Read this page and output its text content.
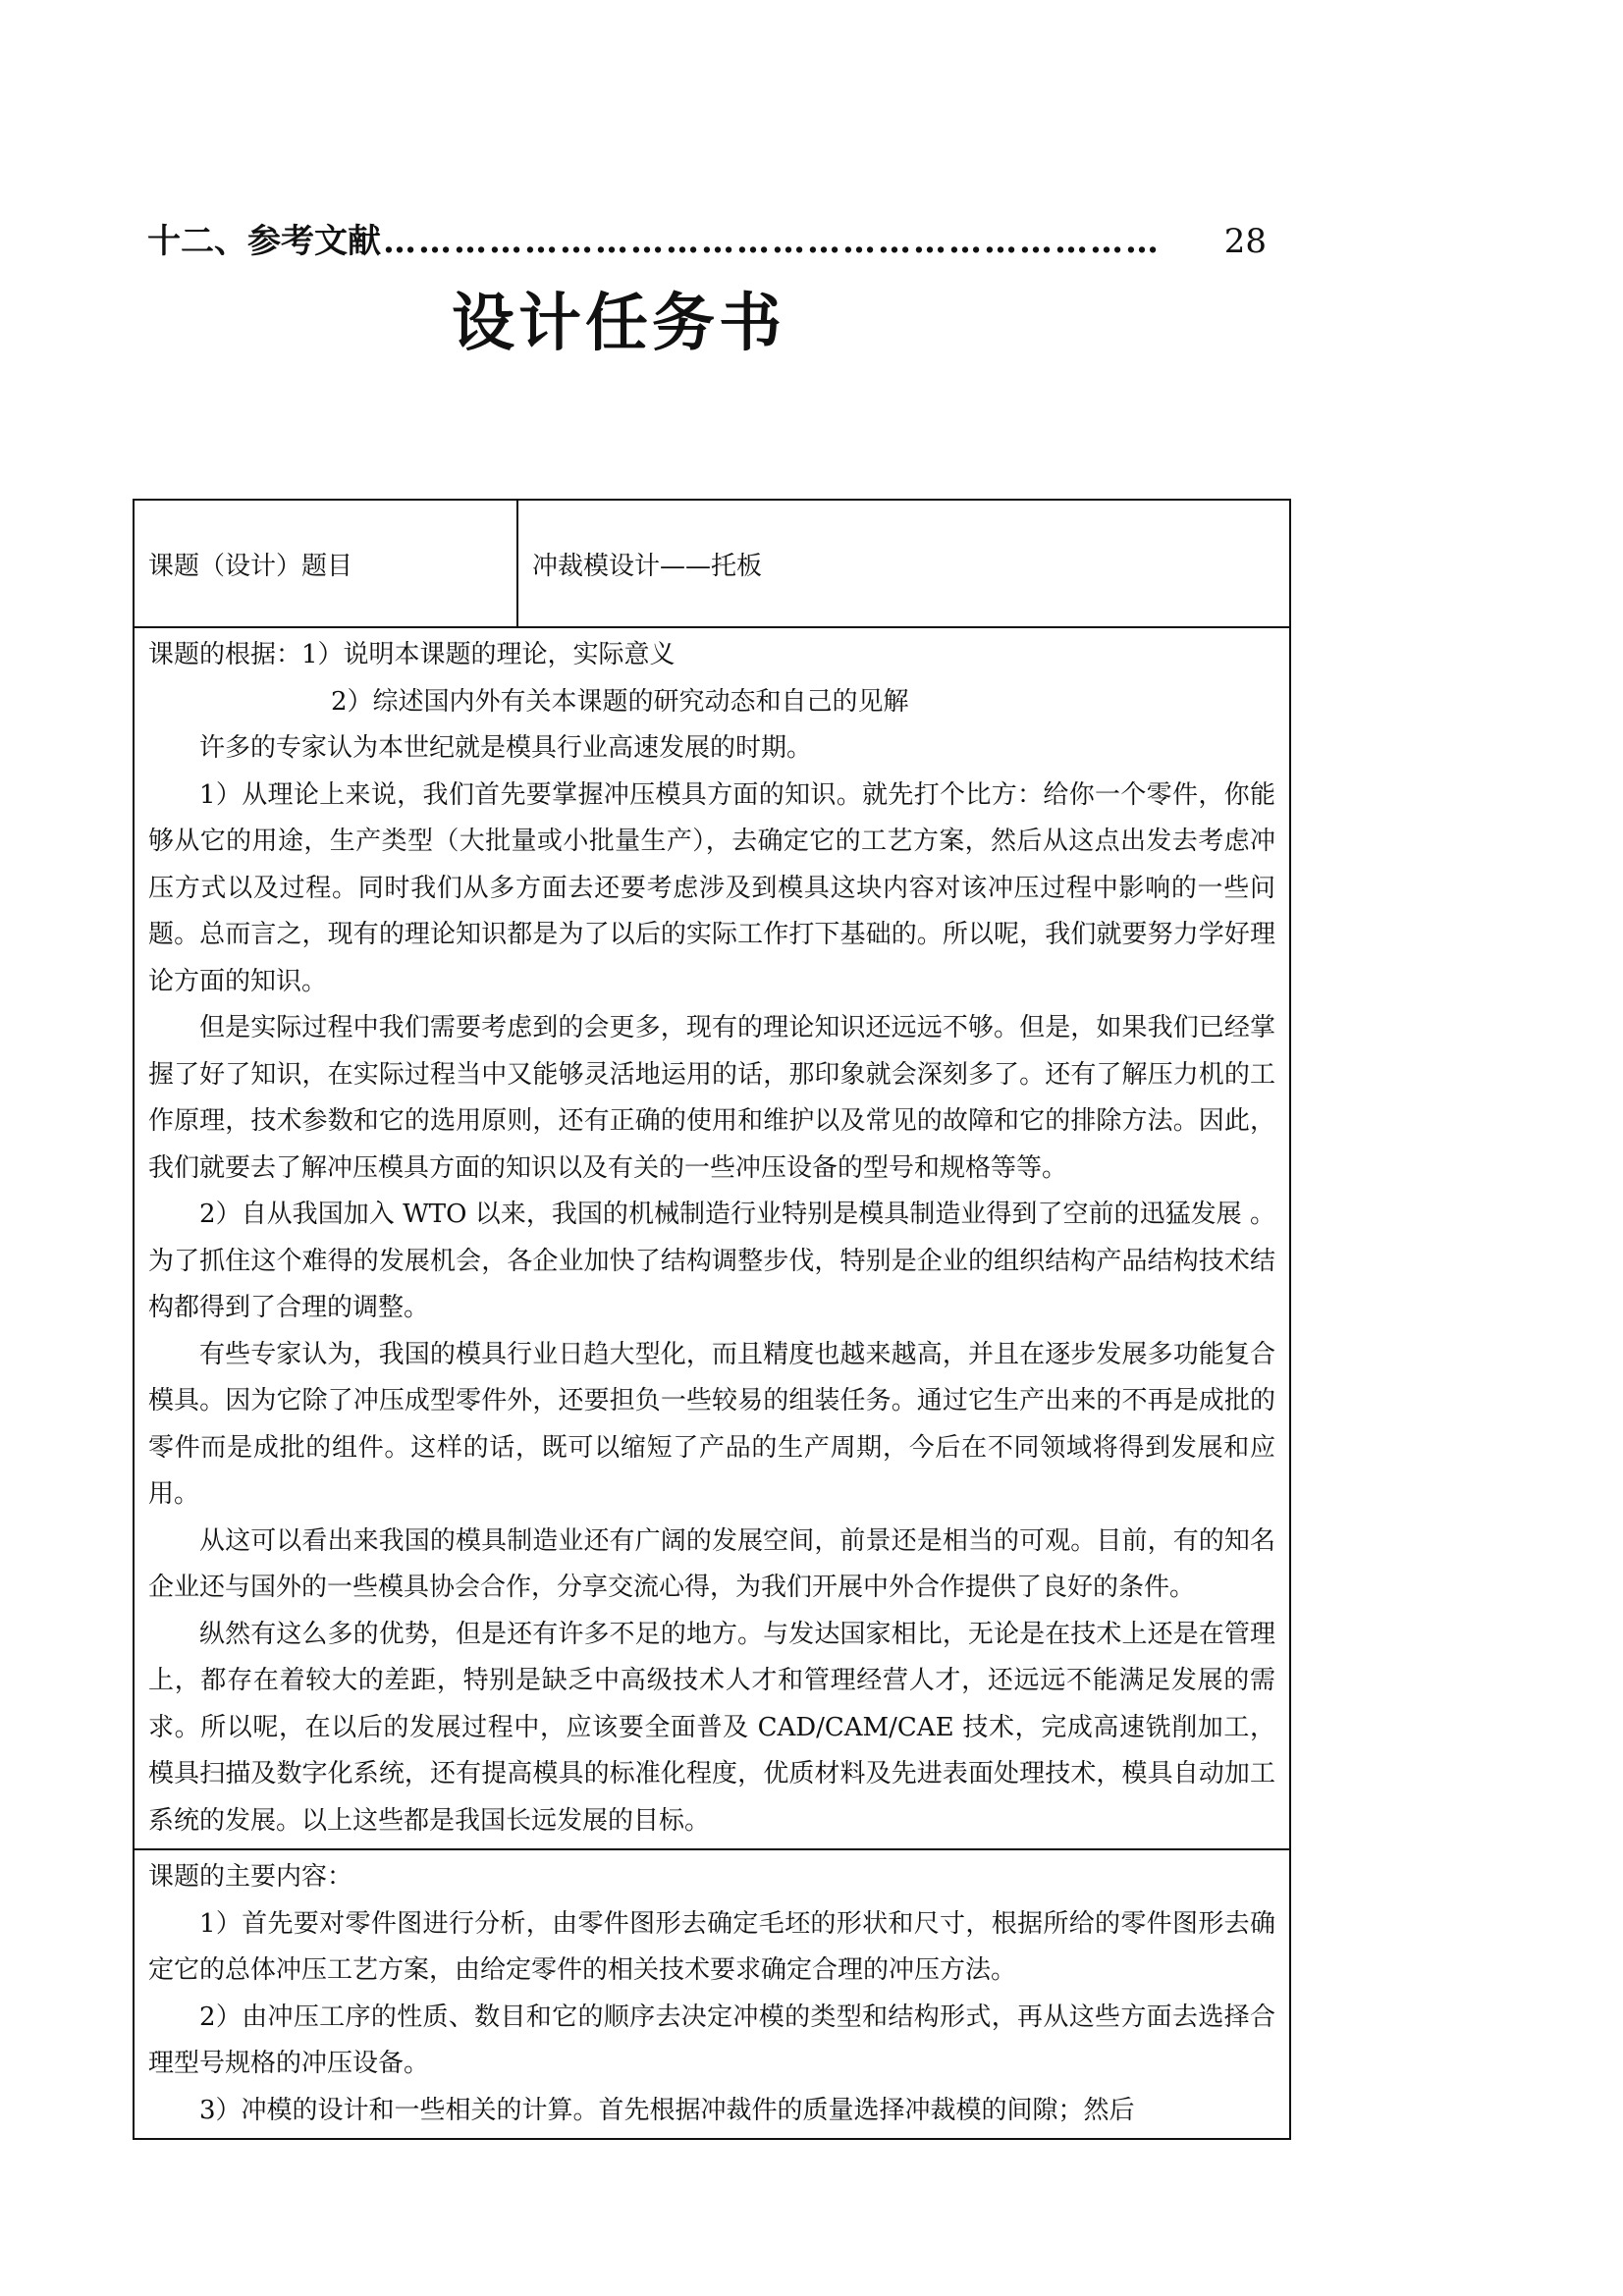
十二、参考文献 …………………………………………………………	28
设计任务书
课题（设计）题目	冲裁模设计——托板

课题的根据：1）说明本课题的理论，实际意义

2）综述国内外有关本课题的研究动态和自己的见解

许多的专家认为本世纪就是模具行业高速发展的时期。

1）从理论上来说，我们首先要掌握冲压模具方面的知识。就先打个比方：给你一个零件，你能够从它的用途，生产类型（大批量或小批量生产），去确定它的工艺方案，然后从这点出发去考虑冲压方式以及过程。同时我们从多方面去还要考虑涉及到模具这块内容对该冲压过程中影响的一些问题。总而言之，现有的理论知识都是为了以后的实际工作打下基础的。所以呢，我们就要努力学好理论方面的知识。

但是实际过程中我们需要考虑到的会更多，现有的理论知识还远远不够。但是，如果我们已经掌握了好了知识，在实际过程当中又能够灵活地运用的话，那印象就会深刻多了。还有了解压力机的工作原理，技术参数和它的选用原则，还有正确的使用和维护以及常见的故障和它的排除方法。因此，我们就要去了解冲压模具方面的知识以及有关的一些冲压设备的型号和规格等等。

2）自从我国加入 WTO 以来，我国的机械制造行业特别是模具制造业得到了空前的迅猛发展 。为了抓住这个难得的发展机会，各企业加快了结构调整步伐，特别是企业的组织结构产品结构技术结构都得到了合理的调整。

有些专家认为，我国的模具行业日趋大型化，而且精度也越来越高，并且在逐步发展多功能复合模具。因为它除了冲压成型零件外，还要担负一些较易的组装任务。通过它生产出来的不再是成批的零件而是成批的组件。这样的话，既可以缩短了产品的生产周期，今后在不同领域将得到发展和应用。

从这可以看出来我国的模具制造业还有广阔的发展空间，前景还是相当的可观。目前，有的知名企业还与国外的一些模具协会合作，分享交流心得，为我们开展中外合作提供了良好的条件。

纵然有这么多的优势，但是还有许多不足的地方。与发达国家相比，无论是在技术上还是在管理上，都存在着较大的差距，特别是缺乏中高级技术人才和管理经营人才，还远远不能满足发展的需求。所以呢，在以后的发展过程中，应该要全面普及 CAD/CAM/CAE 技术，完成高速铣削加工，模具扫描及数字化系统，还有提高模具的标准化程度，优质材料及先进表面处理技术，模具自动加工系统的发展。以上这些都是我国长远发展的目标。

课题的主要内容：

1）首先要对零件图进行分析，由零件图形去确定毛坯的形状和尺寸，根据所给的零件图形去确定它的总体冲压工艺方案，由给定零件的相关技术要求确定合理的冲压方法。

2）由冲压工序的性质、数目和它的顺序去决定冲模的类型和结构形式，再从这些方面去选择合理型号规格的冲压设备。

3）冲模的设计和一些相关的计算。首先根据冲裁件的质量选择冲裁模的间隙；然后
